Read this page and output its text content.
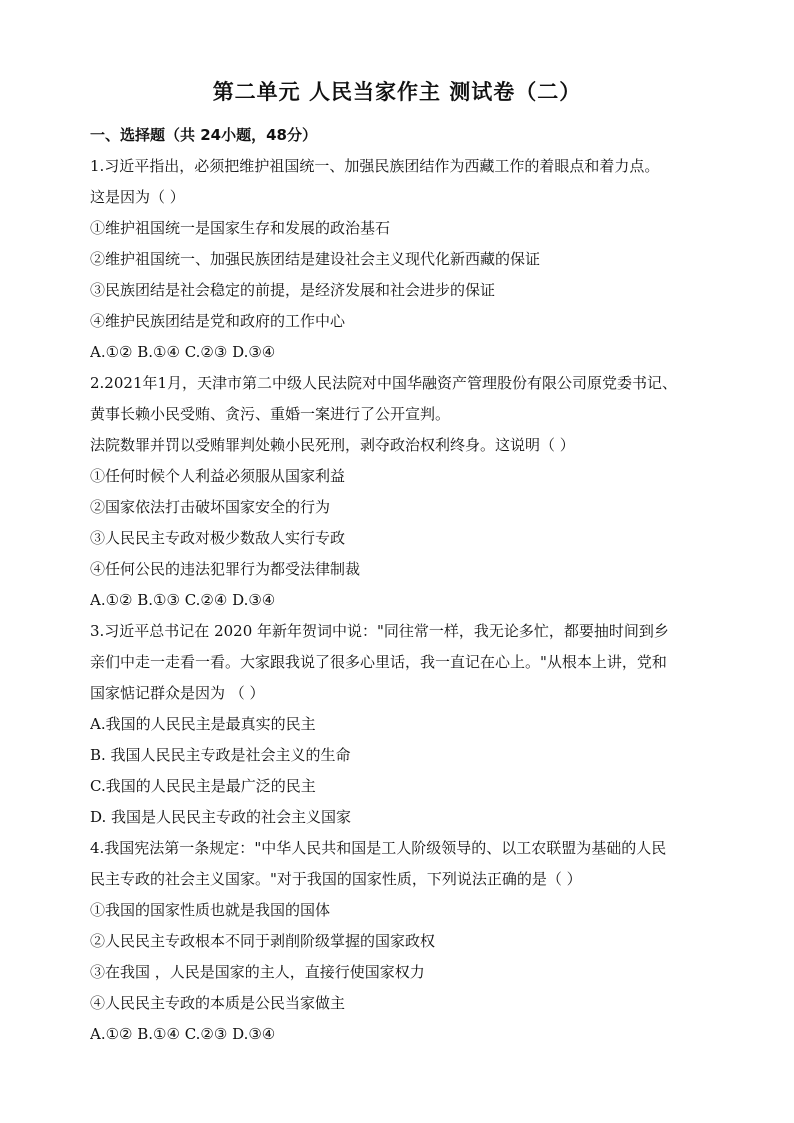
第二单元 人民当家作主 测试卷（二）
一、选择题（共 24小题，48分）
1.习近平指出，必须把维护祖国统一、加强民族团结作为西藏工作的着眼点和着力点。
这是因为（ ）
①维护祖国统一是国家生存和发展的政治基石
②维护祖国统一、加强民族团结是建设社会主义现代化新西藏的保证
③民族团结是社会稳定的前提，是经济发展和社会进步的保证
④维护民族团结是党和政府的工作中心
A.①② B.①④ C.②③ D.③④
2.2021年1月，天津市第二中级人民法院对中国华融资产管理股份有限公司原党委书记、
黄事长赖小民受贿、贪污、重婚一案进行了公开宣判。
法院数罪并罚以受贿罪判处赖小民死刑，剥夺政治权利终身。这说明（ ）
①任何时候个人利益必须服从国家利益
②国家依法打击破坏国家安全的行为
③人民民主专政对极少数敌人实行专政
④任何公民的违法犯罪行为都受法律制裁
A.①② B.①③ C.②④ D.③④
3.习近平总书记在 2020 年新年贺词中说："同往常一样，我无论多忙，都要抽时间到乡
亲们中走一走看一看。大家跟我说了很多心里话，我一直记在心上。"从根本上讲，党和
国家惦记群众是因为 （ ）
A.我国的人民民主是最真实的民主
B. 我国人民民主专政是社会主义的生命
C.我国的人民民主是最广泛的民主
D. 我国是人民民主专政的社会主义国家
4.我国宪法第一条规定："中华人民共和国是工人阶级领导的、以工农联盟为基础的人民
民主专政的社会主义国家。"对于我国的国家性质，下列说法正确的是（ ）
①我国的国家性质也就是我国的国体
②人民民主专政根本不同于剥削阶级掌握的国家政权
③在我国 ，人民是国家的主人，直接行使国家权力
④人民民主专政的本质是公民当家做主
A.①② B.①④ C.②③ D.③④
